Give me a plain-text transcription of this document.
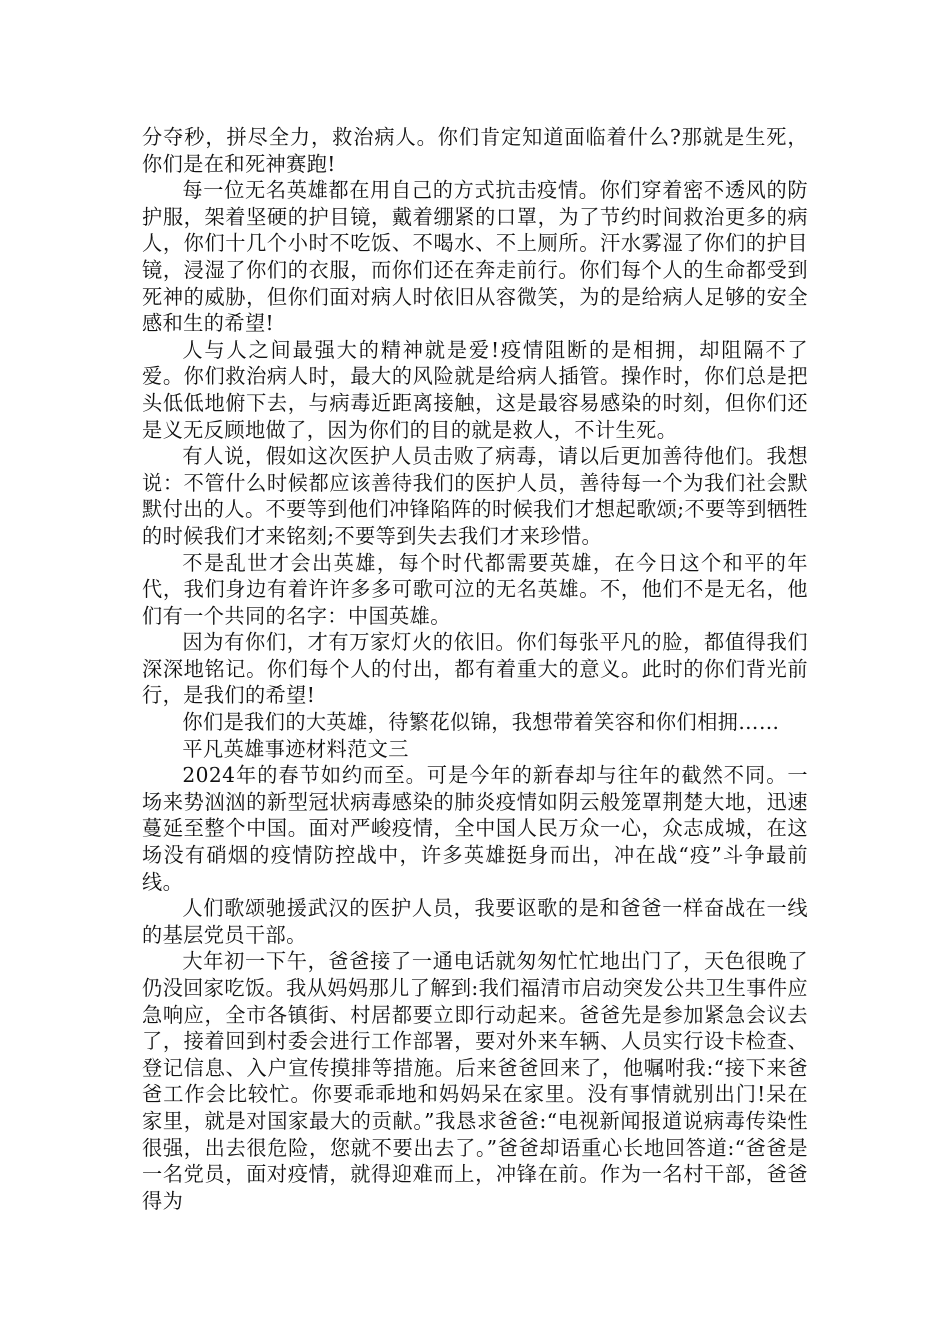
分夺秒，拼尽全力，救治病人。你们肯定知道面临着什么?那就是生死，你们是在和死神赛跑!

每一位无名英雄都在用自己的方式抗击疫情。你们穿着密不透风的防护服，架着坚硬的护目镜，戴着绷紧的口罩，为了节约时间救治更多的病人，你们十几个小时不吃饭、不喝水、不上厕所。汗水雾湿了你们的护目镜，浸湿了你们的衣服，而你们还在奔走前行。你们每个人的生命都受到死神的威胁，但你们面对病人时依旧从容微笑，为的是给病人足够的安全感和生的希望!

人与人之间最强大的精神就是爱!疫情阻断的是相拥，却阻隔不了爱。你们救治病人时，最大的风险就是给病人插管。操作时，你们总是把头低低地俯下去，与病毒近距离接触，这是最容易感染的时刻，但你们还是义无反顾地做了，因为你们的目的就是救人，不计生死。

有人说，假如这次医护人员击败了病毒，请以后更加善待他们。我想说：不管什么时候都应该善待我们的医护人员，善待每一个为我们社会默默付出的人。不要等到他们冲锋陷阵的时候我们才想起歌颂;不要等到牺牲的时候我们才来铭刻;不要等到失去我们才来珍惜。

不是乱世才会出英雄，每个时代都需要英雄，在今日这个和平的年代，我们身边有着许许多多可歌可泣的无名英雄。不，他们不是无名，他们有一个共同的名字：中国英雄。

因为有你们，才有万家灯火的依旧。你们每张平凡的脸，都值得我们深深地铭记。你们每个人的付出，都有着重大的意义。此时的你们背光前行，是我们的希望!

你们是我们的大英雄，待繁花似锦，我想带着笑容和你们相拥……

平凡英雄事迹材料范文三

2024年的春节如约而至。可是今年的新春却与往年的截然不同。一场来势汹汹的新型冠状病毒感染的肺炎疫情如阴云般笼罩荆楚大地，迅速蔓延至整个中国。面对严峻疫情，全中国人民万众一心，众志成城，在这场没有硝烟的疫情防控战中，许多英雄挺身而出，冲在战“疫”斗争最前线。

人们歌颂驰援武汉的医护人员，我要讴歌的是和爸爸一样奋战在一线的基层党员干部。

大年初一下午，爸爸接了一通电话就匆匆忙忙地出门了，天色很晚了仍没回家吃饭。我从妈妈那儿了解到:我们福清市启动突发公共卫生事件应急响应，全市各镇街、村居都要立即行动起来。爸爸先是参加紧急会议去了，接着回到村委会进行工作部署，要对外来车辆、人员实行设卡检查、登记信息、入户宣传摸排等措施。后来爸爸回来了，他嘱咐我:“接下来爸爸工作会比较忙。你要乖乖地和妈妈呆在家里。没有事情就别出门!呆在家里，就是对国家最大的贡献。”我恳求爸爸:“电视新闻报道说病毒传染性很强，出去很危险，您就不要出去了。”爸爸却语重心长地回答道:“爸爸是一名党员，面对疫情，就得迎难而上，冲锋在前。作为一名村干部，爸爸得为
